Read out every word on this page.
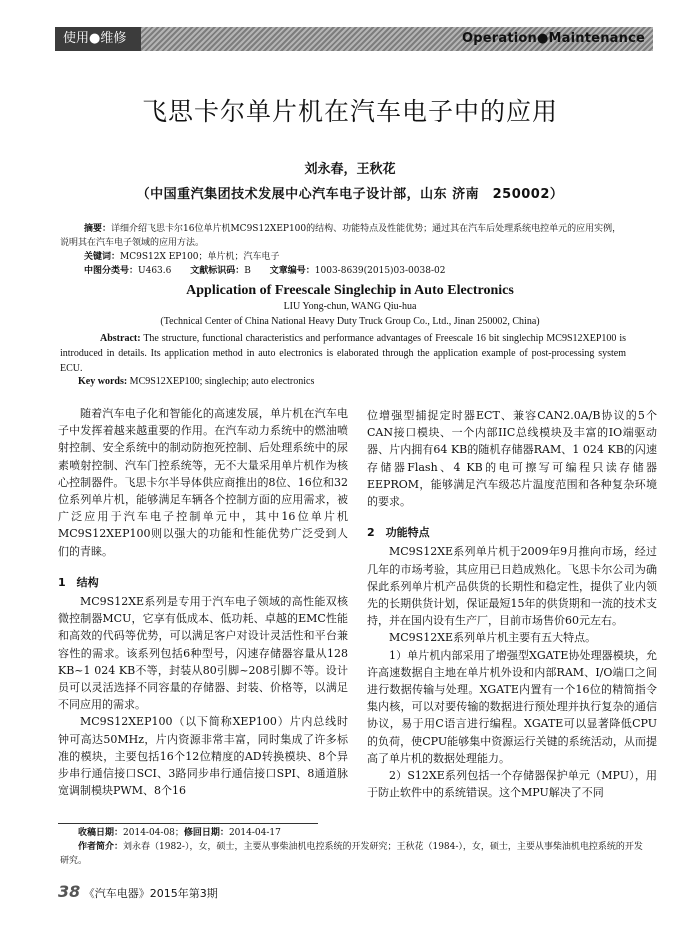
使用●维修	Operation●Maintenance
飞思卡尔单片机在汽车电子中的应用
刘永春，王秋花
（中国重汽集团技术发展中心汽车电子设计部，山东 济南　250002）
摘要：详细介绍飞思卡尔16位单片机MC9S12XEP100的结构、功能特点及性能优势；通过其在汽车后处理系统电控单元的应用实例，说明其在汽车电子领域的应用方法。
关键词：MC9S12X EP100；单片机；汽车电子
中图分类号：U463.6 文献标识码：B 文章编号：1003-8639(2015)03-0038-02
Application of Freescale Singlechip in Auto Electronics
LIU Yong-chun, WANG Qiu-hua
(Technical Center of China National Heavy Duty Truck Group Co., Ltd., Jinan 250002, China)
Abstract: The structure, functional characteristics and performance advantages of Freescale 16 bit singlechip MC9S12XEP100 is introduced in details. Its application method in auto electronics is elaborated through the application example of post-processing system ECU.
Key words: MC9S12XEP100; singlechip; auto electronics

随着汽车电子化和智能化的高速发展，单片机在汽车电子中发挥着越来越重要的作用。在汽车动力系统中的燃油喷射控制、安全系统中的制动防抱死控制、后处理系统中的尿素喷射控制、汽车门控系统等，无不大量采用单片机作为核心控制器件。飞思卡尔半导体供应商推出的8位、16位和32位系列单片机，能够满足车辆各个控制方面的应用需求，被广泛应用于汽车电子控制单元中，其中16位单片机MC9S12XEP100则以强大的功能和性能优势广泛受到人们的青睐。

1　结构

MC9S12XE系列是专用于汽车电子领域的高性能双核微控制器MCU，它享有低成本、低功耗、卓越的EMC性能和高效的代码等优势，可以满足客户对设计灵活性和平台兼容性的需求。该系列包括6种型号，闪速存储器容量从128 KB~1 024 KB不等，封装从80引脚~208引脚不等。设计员可以灵活选择不同容量的存储器、封装、价格等，以满足不同应用的需求。

MC9S12XEP100（以下简称XEP100）片内总线时钟可高达50MHz，片内资源非常丰富，同时集成了许多标准的模块，主要包括16个12位精度的AD转换模块、8个异步串行通信接口SCI、3路同步串行通信接口SPI、8通道脉宽调制模块PWM、8个16

位增强型捕捉定时器ECT、兼容CAN2.0A/B协议的5个CAN接口模块、一个内部IIC总线模块及丰富的IO端驱动器、片内拥有64 KB的随机存储器RAM、1 024 KB的闪速存储器Flash、4 KB的电可擦写可编程只读存储器EEPROM，能够满足汽车级芯片温度范围和各种复杂环境的要求。

2　功能特点

MC9S12XE系列单片机于2009年9月推向市场，经过几年的市场考验，其应用已日趋成熟化。飞思卡尔公司为确保此系列单片机产品供货的长期性和稳定性，提供了业内领先的长期供货计划，保证最短15年的供货期和一流的技术支持，并在国内设有生产厂，目前市场售价60元左右。

MC9S12XE系列单片机主要有五大特点。

1）单片机内部采用了增强型XGATE协处理器模块，允许高速数据自主地在单片机外设和内部RAM、I/O端口之间进行数据传输与处理。XGATE内置有一个16位的精简指令集内核，可以对要传输的数据进行预处理并执行复杂的通信协议，易于用C语言进行编程。XGATE可以显著降低CPU的负荷，使CPU能够集中资源运行关键的系统活动，从而提高了单片机的数据处理能力。

2）S12XE系列包括一个存储器保护单元（MPU），用于防止软件中的系统错误。这个MPU解决了不同

收稿日期：2014-04-08；修回日期：2014-04-17
作者简介：刘永春（1982-），女，硕士，主要从事柴油机电控系统的开发研究；王秋花（1984-），女，硕士，主要从事柴油机电控系统的开发研究。
38 《汽车电器》2015年第3期
